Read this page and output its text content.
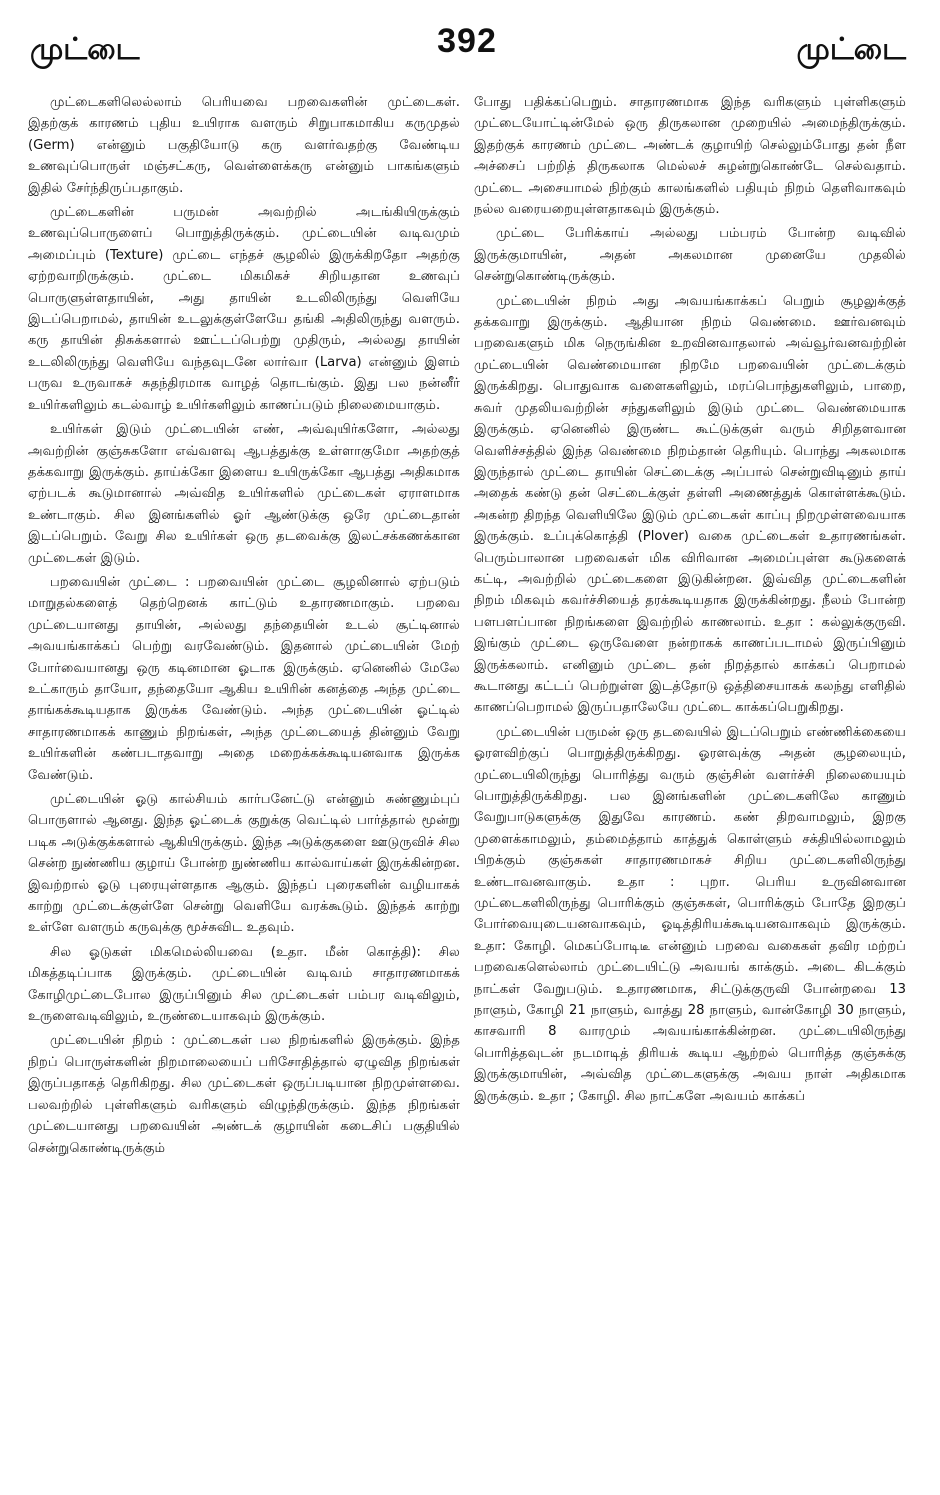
முட்டை	392	முட்டை

முட்டைகளிலெல்லாம் பெரியவை பறவைகளின் முட்டைகள். இதற்குக் காரணம் புதிய உயிராக வளரும் சிறுபாகமாகிய கருமுதல் (Germ) என்னும் பகுதியோடு கரு வளர்வதற்கு வேண்டிய உணவுப்பொருள் மஞ்சட்கரு, வெள்ளைக்கரு என்னும் பாகங்களும் இதில் சேர்ந்திருப்பதாகும்.

முட்டைகளின் பருமன் அவற்றில் அடங்கியிருக்கும் உணவுப்பொருளைப் பொறுத்திருக்கும். முட்டையின் வடிவமும் அமைப்பும் (Texture) முட்டை எந்தச் சூழலில் இருக்கிறதோ அதற்கு ஏற்றவாறிருக்கும். முட்டை மிகமிகச் சிறியதான உணவுப் பொருளுள்ளதாயின், அது தாயின் உடலிலிருந்து வெளியே இடப்பெறாமல், தாயின் உடலுக்குள்ளேயே தங்கி அதிலிருந்து வளரும். கரு தாயின் திசுக்களால் ஊட்டப்பெற்று முதிரும், அல்லது தாயின் உடலிலிருந்து வெளியே வந்தவுடனே லார்வா (Larva) என்னும் இளம் பருவ உருவாகச் சுதந்திரமாக வாழத் தொடங்கும். இது பல நன்னீர் உயிர்களிலும் கடல்வாழ் உயிர்களிலும் காணப்படும் நிலைமையாகும்.

உயிர்கள் இடும் முட்டையின் எண், அவ்வுயிர்களோ, அல்லது அவற்றின் குஞ்சுகளோ எவ்வளவு ஆபத்துக்கு உள்ளாகுமோ அதற்குத் தக்கவாறு இருக்கும். தாய்க்கோ இளைய உயிருக்கோ ஆபத்து அதிகமாக ஏற்படக் கூடுமானால் அவ்வித உயிர்களில் முட்டைகள் ஏராளமாக உண்டாகும். சில இனங்களில் ஓர் ஆண்டுக்கு ஒரே முட்டைதான் இடப்பெறும். வேறு சில உயிர்கள் ஒரு தடவைக்கு இலட்சக்கணக்கான முட்டைகள் இடும்.

பறவையின் முட்டை : பறவையின் முட்டை சூழலினால் ஏற்படும் மாறுதல்களைத் தெற்றெனக் காட்டும் உதாரணமாகும். பறவை முட்டையானது தாயின், அல்லது தந்தையின் உடல் சூட்டினால் அவயங்காக்கப் பெற்று வரவேண்டும். இதனால் முட்டையின் மேற் போர்வையானது ஒரு கடினமான ஓடாக இருக்கும். ஏனெனில் மேலே உட்காரும் தாயோ, தந்தையோ ஆகிய உயிரின் கனத்தை அந்த முட்டை தாங்கக்கூடியதாக இருக்க வேண்டும். அந்த முட்டையின் ஓட்டில் சாதாரணமாகக் காணும் நிறங்கள், அந்த முட்டையைத் தின்னும் வேறு உயிர்களின் கண்படாதவாறு அதை மறைக்கக்கூடியனவாக இருக்க வேண்டும்.

முட்டையின் ஓடு கால்சியம் கார்பனேட்டு என்னும் சுண்ணும்புப் பொருளால் ஆனது. இந்த ஓட்டைக் குறுக்கு வெட்டில் பார்த்தால் மூன்று படிக அடுக்குக்களால் ஆகியிருக்கும். இந்த அடுக்குகளை ஊடுருவிச் சில சென்ற நுண்ணிய குழாய் போன்ற நுண்ணிய கால்வாய்கள் இருக்கின்றன. இவற்றால் ஓடு புரையுள்ளதாக ஆகும். இந்தப் புரைகளின் வழியாகக் காற்று முட்டைக்குள்ளே சென்று வெளியே வரக்கூடும். இந்தக் காற்று உள்ளே வளரும் கருவுக்கு மூச்சுவிட உதவும்.

சில ஓடுகள் மிகமெல்லியவை (உதா. மீன் கொத்தி): சில மிகத்தடிப்பாக இருக்கும். முட்டையின் வடிவம் சாதாரணமாகக் கோழிமுட்டைபோல இருப்பினும் சில முட்டைகள் பம்பர வடிவிலும், உருளைவடிவிலும், உருண்டையாகவும் இருக்கும்.

முட்டையின் நிறம் : முட்டைகள் பல நிறங்களில் இருக்கும். இந்த நிறப் பொருள்களின் நிறமாலையைப் பரிசோதித்தால் ஏழுவித நிறங்கள் இருப்பதாகத் தெரிகிறது. சில முட்டைகள் ஒருப்படியான நிறமுள்ளவை. பலவற்றில் புள்ளிகளும் வரிகளும் விழுந்திருக்கும். இந்த நிறங்கள் முட்டையானது பறவையின் அண்டக் குழாயின் கடைசிப் பகுதியில் சென்றுகொண்டிருக்கும்

போது பதிக்கப்பெறும். சாதாரணமாக இந்த வரிகளும் புள்ளிகளும் முட்டையோட்டின்மேல் ஒரு திருகலான முறையில் அமைந்திருக்கும். இதற்குக் காரணம் முட்டை அண்டக் குழாயிற் செல்லும்போது தன் நீள அச்சைப் பற்றித் திருகலாக மெல்லச் சுழன்றுகொண்டே செல்வதாம். முட்டை அசையாமல் நிற்கும் காலங்களில் பதியும் நிறம் தெளிவாகவும் நல்ல வரையறையுள்ளதாகவும் இருக்கும்.

முட்டை பேரிக்காய் அல்லது பம்பரம் போன்ற வடிவில் இருக்குமாயின், அதன் அகலமான முனையே முதலில் சென்றுகொண்டிருக்கும்.

முட்டையின் நிறம் அது அவயங்காக்கப் பெறும் சூழலுக்குத் தக்கவாறு இருக்கும். ஆதியான நிறம் வெண்மை. ஊர்வனவும் பறவைகளும் மிக நெருங்கின உறவினவாதலால் அவ்வூர்வனவற்றின் முட்டையின் வெண்மையான நிறமே பறவையின் முட்டைக்கும் இருக்கிறது. பொதுவாக வளைகளிலும், மரப்பொந்துகளிலும், பாறை, சுவர் முதலியவற்றின் சந்துகளிலும் இடும் முட்டை வெண்மையாக இருக்கும். ஏனெனில் இருண்ட கூட்டுக்குள் வரும் சிறிதளவான வெளிச்சத்தில் இந்த வெண்மை நிறம்தான் தெரியும். பொந்து அகலமாக இருந்தால் முட்டை தாயின் செட்டைக்கு அப்பால் சென்றுவிடினும் தாய் அதைக் கண்டு தன் செட்டைக்குள் தள்ளி அணைத்துக் கொள்ளக்கூடும். அகன்ற திறந்த வெளியிலே இடும் முட்டைகள் காப்பு நிறமுள்ளவையாக இருக்கும். உப்புக்கொத்தி (Plover) வகை முட்டைகள் உதாரணங்கள். பெரும்பாலான பறவைகள் மிக விரிவான அமைப்புள்ள கூடுகளைக் கட்டி, அவற்றில் முட்டைகளை இடுகின்றன. இவ்வித முட்டைகளின் நிறம் மிகவும் கவர்ச்சியைத் தரக்கூடியதாக இருக்கின்றது. நீலம் போன்ற பளபளப்பான நிறங்களை இவற்றில் காணலாம். உதா : கல்லுக்குருவி. இங்கும் முட்டை ஒருவேளை நன்றாகக் காணப்படாமல் இருப்பினும் இருக்கலாம். எனினும் முட்டை தன் நிறத்தால் காக்கப் பெறாமல் கூடானது கட்டப் பெற்றுள்ள இடத்தோடு ஒத்திசையாகக் கலந்து எளிதில் காணப்பெறாமல் இருப்பதாலேயே முட்டை காக்கப்பெறுகிறது.

முட்டையின் பருமன் ஒரு தடவையில் இடப்பெறும் எண்ணிக்கையை ஓரளவிற்குப் பொறுத்திருக்கிறது. ஓரளவுக்கு அதன் சூழலையும், முட்டையிலிருந்து பொரித்து வரும் குஞ்சின் வளர்ச்சி நிலையையும் பொறுத்திருக்கிறது. பல இனங்களின் முட்டைகளிலே காணும் வேறுபாடுகளுக்கு இதுவே காரணம். கண் திறவாமலும், இறகு முளைக்காமலும், தம்மைத்தாம் காத்துக் கொள்ளும் சக்தியில்லாமலும் பிறக்கும் குஞ்சுகள் சாதாரணமாகச் சிறிய முட்டைகளிலிருந்து உண்டாவனவாகும். உதா : புறா. பெரிய உருவினவான முட்டைகளிலிருந்து பொரிக்கும் குஞ்சுகள், பொரிக்கும் போதே இறகுப் போர்வையுடையனவாகவும், ஓடித்திரியக்கூடியனவாகவும் இருக்கும். உதா: கோழி. மெகப்போடிடீ என்னும் பறவை வகைகள் தவிர மற்றப் பறவைகளெல்லாம் முட்டையிட்டு அவயங் காக்கும். அடை கிடக்கும் நாட்கள் வேறுபடும். உதாரணமாக, சிட்டுக்குருவி போன்றவை 13 நாளும், கோழி 21 நாளும், வாத்து 28 நாளும், வான்கோழி 30 நாளும், காசவாரி 8 வாரமும் அவயங்காக்கின்றன. முட்டையிலிருந்து பொரித்தவுடன் நடமாடித் திரியக் கூடிய ஆற்றல் பொரித்த குஞ்சுக்கு இருக்குமாயின், அவ்வித முட்டைகளுக்கு அவய நாள் அதிகமாக இருக்கும். உதா ; கோழி. சில நாட்களே அவயம் காக்கப்
